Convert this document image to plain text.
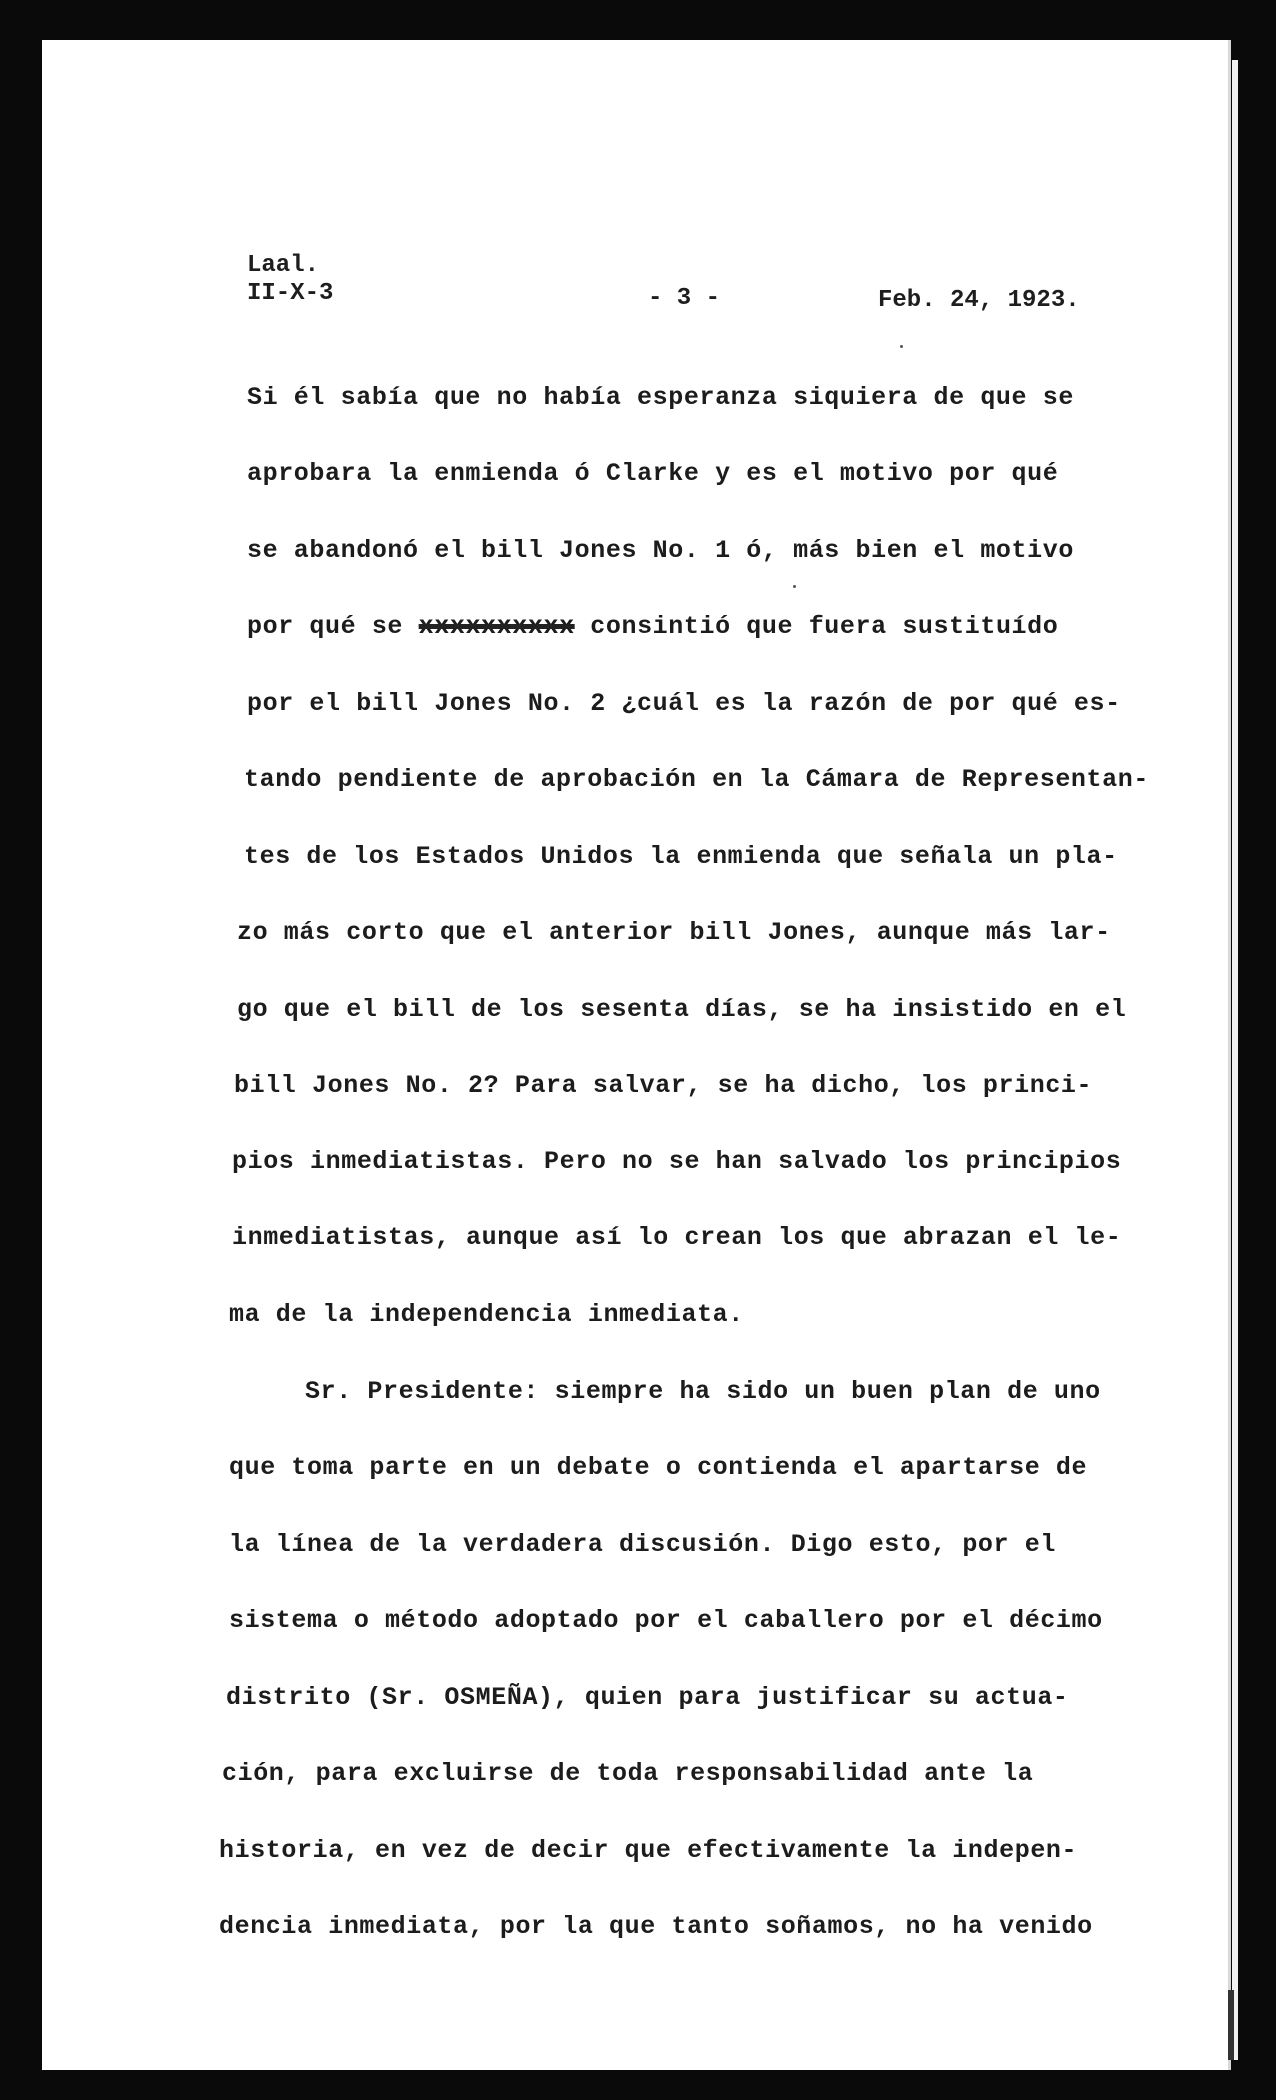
Laal.
II-X-3	- 3 -	Feb. 24, 1923.
Si él sabía que no había esperanza siquiera de que se
aprobara la enmienda ó Clarke y es el motivo por qué
se abandonó el bill Jones No. 1 ó, más bien el motivo
por qué se xxxxxxxxxx consintió que fuera sustituído
por el bill Jones No. 2 ¿cuál es la razón de por qué es-
tando pendiente de aprobación en la Cámara de Representan-
tes de los Estados Unidos la enmienda que señala un pla-
zo más corto que el anterior bill Jones, aunque más lar-
go que el bill de los sesenta días, se ha insistido en el
bill Jones No. 2? Para salvar, se ha dicho, los princi-
pios inmediatistas. Pero no se han salvado los principios
inmediatistas, aunque así lo crean los que abrazan el le-
ma de la independencia inmediata.
Sr. Presidente: siempre ha sido un buen plan de uno
que toma parte en un debate o contienda el apartarse de
la línea de la verdadera discusión. Digo esto, por el
sistema o método adoptado por el caballero por el décimo
distrito (Sr. OSMEÑA), quien para justificar su actua-
ción, para excluirse de toda responsabilidad ante la
historia, en vez de decir que efectivamente la indepen-
dencia inmediata, por la que tanto soñamos, no ha venido
